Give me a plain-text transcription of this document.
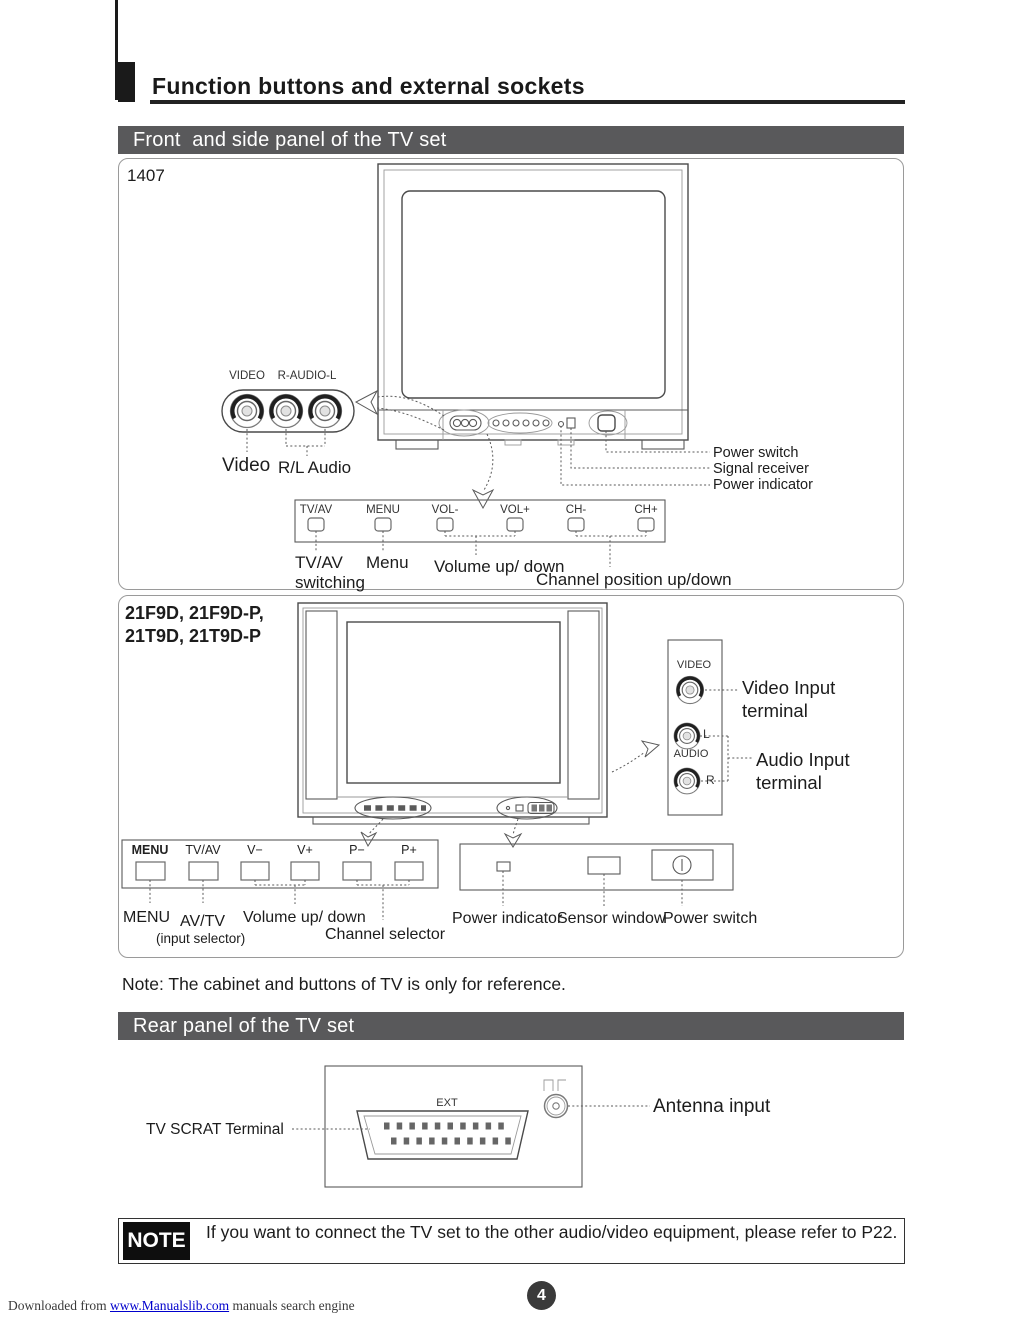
Function buttons and external sockets
Front  and side panel of the TV set
Rear panel of the TV set
1407
VIDEO R-AUDIO-L
Video R/L Audio
Power switch
Signal receiver
Power indicator
TV/AV	MENU	VOL-	VOL+	CH-	CH+
TV/AV switching
Menu Volume up/ down
Channel position up/down
21F9D, 21F9D-P,
21T9D, 21T9D-P
VIDEO
L
AUDIO
R
Video Input terminal
Audio Input terminal
MENU TV/AV V−	V+	P−	P+
MENU AV/TV
(input selector)
Volume up/ down
Channel selector
Power indicator
Sensor window
Power switch
Note: The cabinet and buttons of TV is only for reference.
EXT
TV SCRAT Terminal
Antenna input
NOTE If you want to connect the TV set to the other audio/video equipment, please refer to P22.
4
Downloaded from www.Manualslib.com manuals search engine
